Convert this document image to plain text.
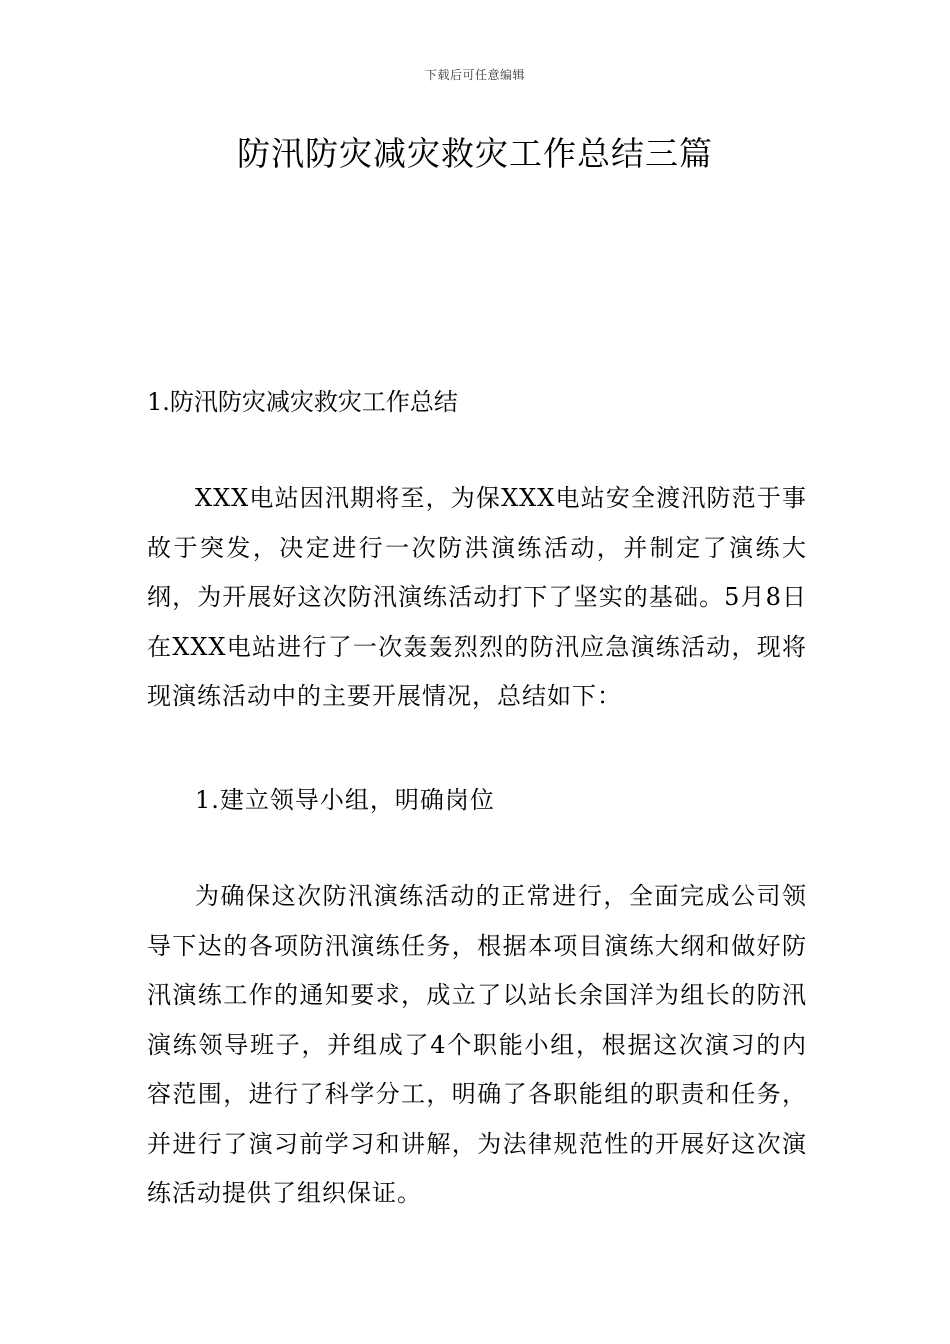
下载后可任意编辑
防汛防灾减灾救灾工作总结三篇
1.防汛防灾减灾救灾工作总结

XXX电站因汛期将至，为保XXX电站安全渡汛防范于事故于突发，决定进行一次防洪演练活动，并制定了演练大纲，为开展好这次防汛演练活动打下了坚实的基础。5月8日在XXX电站进行了一次轰轰烈烈的防汛应急演练活动，现将现演练活动中的主要开展情况，总结如下：

1.建立领导小组，明确岗位

为确保这次防汛演练活动的正常进行，全面完成公司领导下达的各项防汛演练任务，根据本项目演练大纲和做好防汛演练工作的通知要求，成立了以站长余国洋为组长的防汛演练领导班子，并组成了4个职能小组，根据这次演习的内容范围，进行了科学分工，明确了各职能组的职责和任务，并进行了演习前学习和讲解，为法律规范性的开展好这次演练活动提供了组织保证。
